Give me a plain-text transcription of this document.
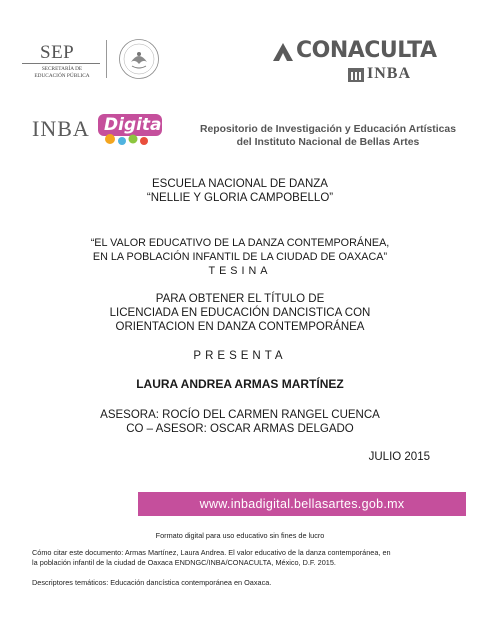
SEP
SECRETARÍA DE
EDUCACIÓN PÚBLICA
CONACULTA
INBA
INBA Digital	Repositorio de Investigación y Educación Artísticas
del Instituto Nacional de Bellas Artes
ESCUELA NACIONAL DE DANZA
“NELLIE Y GLORIA CAMPOBELLO”
“EL VALOR EDUCATIVO DE LA DANZA CONTEMPORÁNEA,
EN LA POBLACIÓN INFANTIL DE LA CIUDAD DE OAXACA”
TESINA
PARA OBTENER EL TÍTULO DE
LICENCIADA EN EDUCACIÓN DANCISTICA CON
ORIENTACION EN DANZA CONTEMPORÁNEA
PRESENTA
LAURA ANDREA ARMAS MARTÍNEZ
ASESORA: ROCÍO DEL CARMEN RANGEL CUENCA
CO – ASESOR: OSCAR ARMAS DELGADO
JULIO 2015
www.inbadigital.bellasartes.gob.mx
Formato digital para uso educativo sin fines de lucro
Cómo citar este documento: Armas Martínez, Laura Andrea. El valor educativo de la danza contemporánea, en
la población infantil de la ciudad de Oaxaca ENDNGC/INBA/CONACULTA, México, D.F. 2015.
Descriptores temáticos: Educación dancística contemporánea en Oaxaca.
